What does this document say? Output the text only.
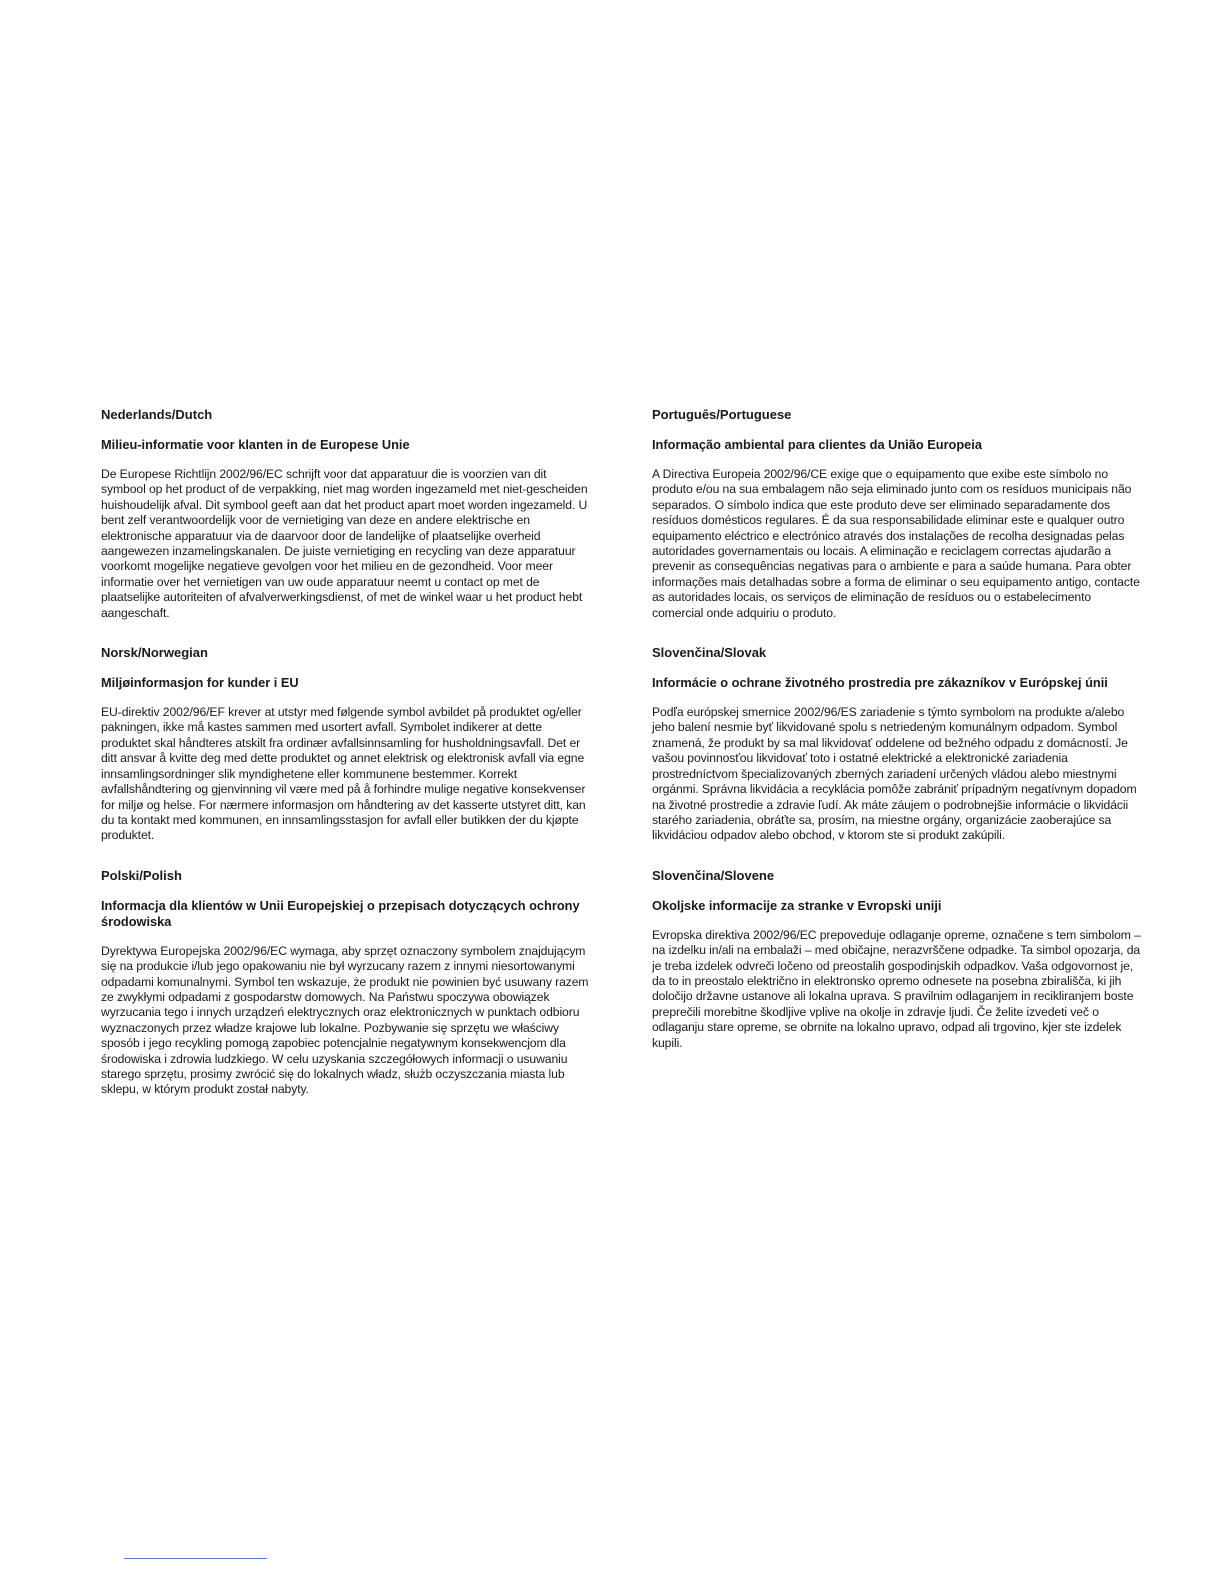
Nederlands/Dutch
Milieu-informatie voor klanten in de Europese Unie

De Europese Richtlijn 2002/96/EC schrijft voor dat apparatuur die is voorzien van dit symbool op het product of de verpakking, niet mag worden ingezameld met niet-gescheiden huishoudelijk afval. Dit symbool geeft aan dat het product apart moet worden ingezameld. U bent zelf verantwoordelijk voor de vernietiging van deze en andere elektrische en elektronische apparatuur via de daarvoor door de landelijke of plaatselijke overheid aangewezen inzamelingskanalen. De juiste vernietiging en recycling van deze apparatuur voorkomt mogelijke negatieve gevolgen voor het milieu en de gezondheid. Voor meer informatie over het vernietigen van uw oude apparatuur neemt u contact op met de plaatselijke autoriteiten of afvalverwerkingsdienst, of met de winkel waar u het product hebt aangeschaft.

Norsk/Norwegian
Miljøinformasjon for kunder i EU

EU-direktiv 2002/96/EF krever at utstyr med følgende symbol avbildet på produktet og/eller pakningen, ikke må kastes sammen med usortert avfall. Symbolet indikerer at dette produktet skal håndteres atskilt fra ordinær avfallsinnsamling for husholdningsavfall. Det er ditt ansvar å kvitte deg med dette produktet og annet elektrisk og elektronisk avfall via egne innsamlingsordninger slik myndighetene eller kommunene bestemmer. Korrekt avfallshåndtering og gjenvinning vil være med på å forhindre mulige negative konsekvenser for miljø og helse. For nærmere informasjon om håndtering av det kasserte utstyret ditt, kan du ta kontakt med kommunen, en innsamlingsstasjon for avfall eller butikken der du kjøpte produktet.

Polski/Polish
Informacja dla klientów w Unii Europejskiej o przepisach dotyczących ochrony środowiska

Dyrektywa Europejska 2002/96/EC wymaga, aby sprzęt oznaczony symbolem znajdującym się na produkcie i/lub jego opakowaniu nie był wyrzucany razem z innymi niesortowanymi odpadami komunalnymi. Symbol ten wskazuje, że produkt nie powinien być usuwany razem ze zwykłymi odpadami z gospodarstw domowych. Na Państwu spoczywa obowiązek wyrzucania tego i innych urządzeń elektrycznych oraz elektronicznych w punktach odbioru wyznaczonych przez władze krajowe lub lokalne. Pozbywanie się sprzętu we właściwy sposób i jego recykling pomogą zapobiec potencjalnie negatywnym konsekwencjom dla środowiska i zdrowia ludzkiego. W celu uzyskania szczegółowych informacji o usuwaniu starego sprzętu, prosimy zwrócić się do lokalnych władz, służb oczyszczania miasta lub sklepu, w którym produkt został nabyty.

Português/Portuguese
Informação ambiental para clientes da União Europeia

A Directiva Europeia 2002/96/CE exige que o equipamento que exibe este símbolo no produto e/ou na sua embalagem não seja eliminado junto com os resíduos municipais não separados. O símbolo indica que este produto deve ser eliminado separadamente dos resíduos domésticos regulares. É da sua responsabilidade eliminar este e qualquer outro equipamento eléctrico e electrónico através dos instalações de recolha designadas pelas autoridades governamentais ou locais. A eliminação e reciclagem correctas ajudarão a prevenir as consequências negativas para o ambiente e para a saúde humana. Para obter informações mais detalhadas sobre a forma de eliminar o seu equipamento antigo, contacte as autoridades locais, os serviços de eliminação de resíduos ou o estabelecimento comercial onde adquiriu o produto.

Slovenčina/Slovak
Informácie o ochrane životného prostredia pre zákazníkov v Európskej únii

Podľa európskej smernice 2002/96/ES zariadenie s týmto symbolom na produkte a/alebo jeho balení nesmie byť likvidované spolu s netriedeným komunálnym odpadom. Symbol znamená, že produkt by sa mal likvidovať oddelene od bežného odpadu z domácností. Je vašou povinnosťou likvidovať toto i ostatné elektrické a elektronické zariadenia prostredníctvom špecializovaných zberných zariadení určených vládou alebo miestnymi orgánmi. Správna likvidácia a recyklácia pomôže zabrániť prípadným negatívnym dopadom na životné prostredie a zdravie ľudí. Ak máte záujem o podrobnejšie informácie o likvidácii starého zariadenia, obráťte sa, prosím, na miestne orgány, organizácie zaoberajúce sa likvidáciou odpadov alebo obchod, v ktorom ste si produkt zakúpili.

Slovenčina/Slovene
Okoljske informacije za stranke v Evropski uniji

Evropska direktiva 2002/96/EC prepoveduje odlaganje opreme, označene s tem simbolom – na izdelku in/ali na embalaži – med običajne, nerazvrščene odpadke. Ta simbol opozarja, da je treba izdelek odvreči ločeno od preostalih gospodinjskih odpadkov. Vaša odgovornost je, da to in preostalo električno in elektronsko opremo odnesete na posebna zbirališča, ki jih določijo državne ustanove ali lokalna uprava. S pravilnim odlaganjem in recikliranjem boste preprečili morebitne škodljive vplive na okolje in zdravje ljudi. Če želite izvedeti več o odlaganju stare opreme, se obrnite na lokalno upravo, odpad ali trgovino, kjer ste izdelek kupili.
